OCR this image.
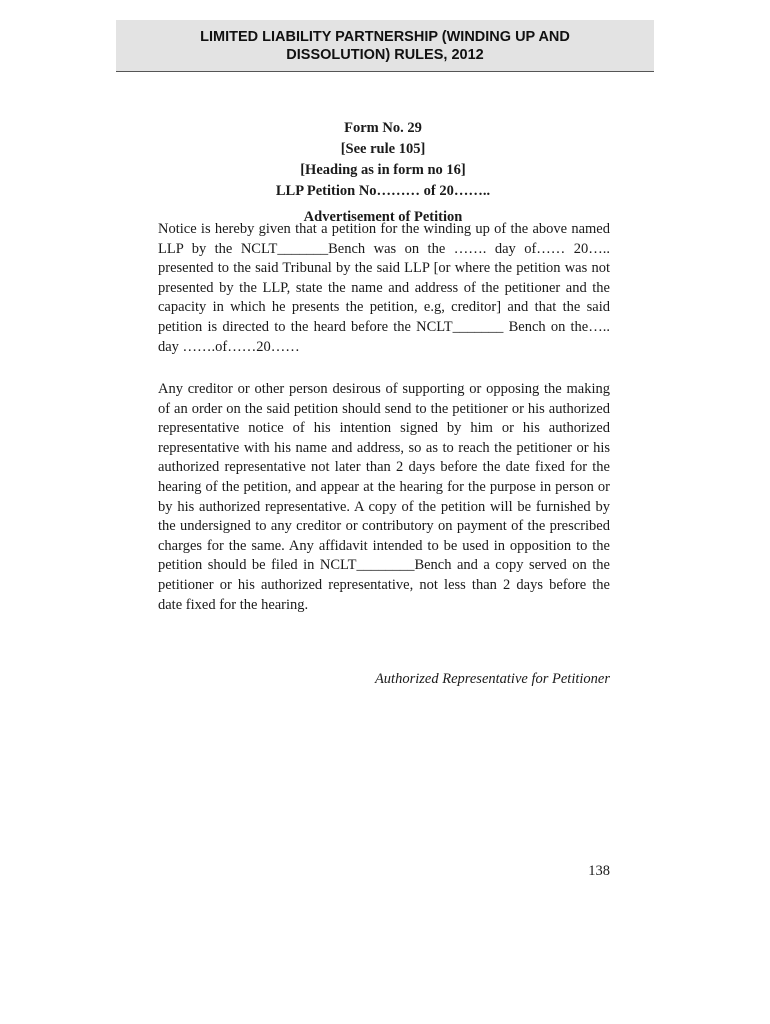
LIMITED LIABILITY PARTNERSHIP (WINDING UP AND
DISSOLUTION) RULES, 2012
Form No. 29
[See rule 105]
[Heading as in form no 16]
LLP Petition No……… of 20……..
Advertisement of Petition

Notice is hereby given that a petition for the winding up of the above named LLP by the NCLT_______Bench was on the ……. day of…… 20….. presented to the said Tribunal by the said LLP [or where the petition was not presented by the LLP, state the name and address of the petitioner and the capacity in which he presents the petition, e.g, creditor] and that the said petition is directed to the heard before the NCLT_______ Bench on the….. day …….of……20……

Any creditor or other person desirous of supporting or opposing the making of an order on the said petition should send to the petitioner or his authorized representative notice of his intention signed by him or his authorized representative with his name and address, so as to reach the petitioner or his authorized representative not later than 2 days before the date fixed for the hearing of the petition, and appear at the hearing for the purpose in person or by his authorized representative. A copy of the petition will be furnished by the undersigned to any creditor or contributory on payment of the prescribed charges for the same. Any affidavit intended to be used in opposition to the petition should be filed in NCLT________Bench and a copy served on the petitioner or his authorized representative, not less than 2 days before the date fixed for the hearing.

Authorized Representative for Petitioner
138
